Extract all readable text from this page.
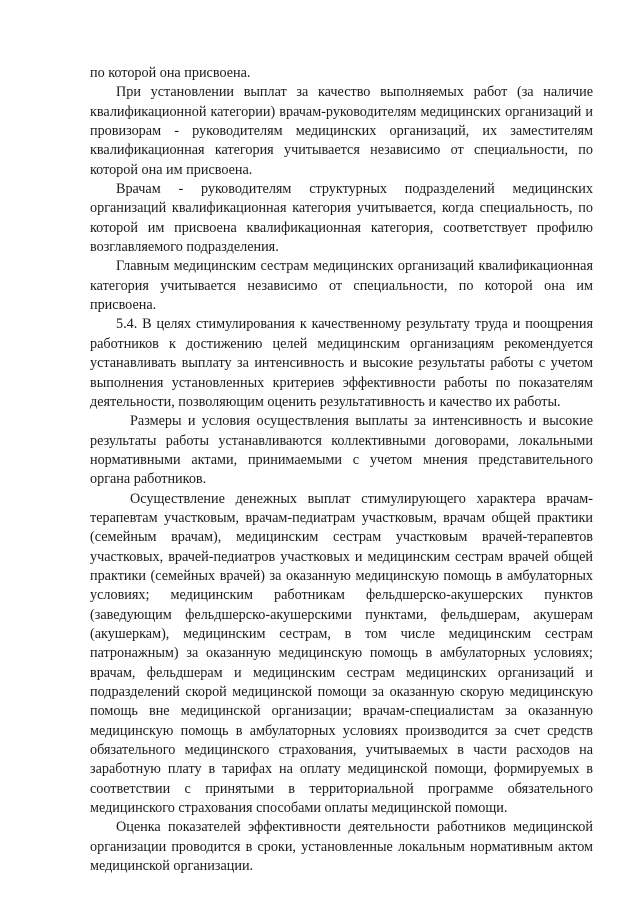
по которой она присвоена.

При установлении выплат за качество выполняемых работ (за наличие квалификационной категории) врачам-руководителям медицинских организаций и провизорам - руководителям медицинских организаций, их заместителям квалификационная категория учитывается независимо от специальности, по которой она им присвоена.

Врачам - руководителям структурных подразделений медицинских организаций квалификационная категория учитывается, когда специальность, по которой им присвоена квалификационная категория, соответствует профилю возглавляемого подразделения.

Главным медицинским сестрам медицинских организаций квалификационная категория учитывается независимо от специальности, по которой она им присвоена.

5.4. В целях стимулирования к качественному результату труда и поощрения работников к достижению целей медицинским организациям рекомендуется устанавливать выплату за интенсивность и высокие результаты работы с учетом выполнения установленных критериев эффективности работы по показателям деятельности, позволяющим оценить результативность и качество их работы.

Размеры и условия осуществления выплаты за интенсивность и высокие результаты работы устанавливаются коллективными договорами, локальными нормативными актами, принимаемыми с учетом мнения представительного органа работников.

Осуществление денежных выплат стимулирующего характера врачам-терапевтам участковым, врачам-педиатрам участковым, врачам общей практики (семейным врачам), медицинским сестрам участковым врачей-терапевтов участковых, врачей-педиатров участковых и медицинским сестрам врачей общей практики (семейных врачей) за оказанную медицинскую помощь в амбулаторных условиях; медицинским работникам фельдшерско-акушерских пунктов (заведующим фельдшерско-акушерскими пунктами, фельдшерам, акушерам (акушеркам), медицинским сестрам, в том числе медицинским сестрам патронажным) за оказанную медицинскую помощь в амбулаторных условиях; врачам, фельдшерам и медицинским сестрам медицинских организаций и подразделений скорой медицинской помощи за оказанную скорую медицинскую помощь вне медицинской организации; врачам-специалистам за оказанную медицинскую помощь в амбулаторных условиях производится за счет средств обязательного медицинского страхования, учитываемых в части расходов на заработную плату в тарифах на оплату медицинской помощи, формируемых в соответствии с принятыми в территориальной программе обязательного медицинского страхования способами оплаты медицинской помощи.

Оценка показателей эффективности деятельности работников медицинской организации проводится в сроки, установленные локальным нормативным актом медицинской организации.
